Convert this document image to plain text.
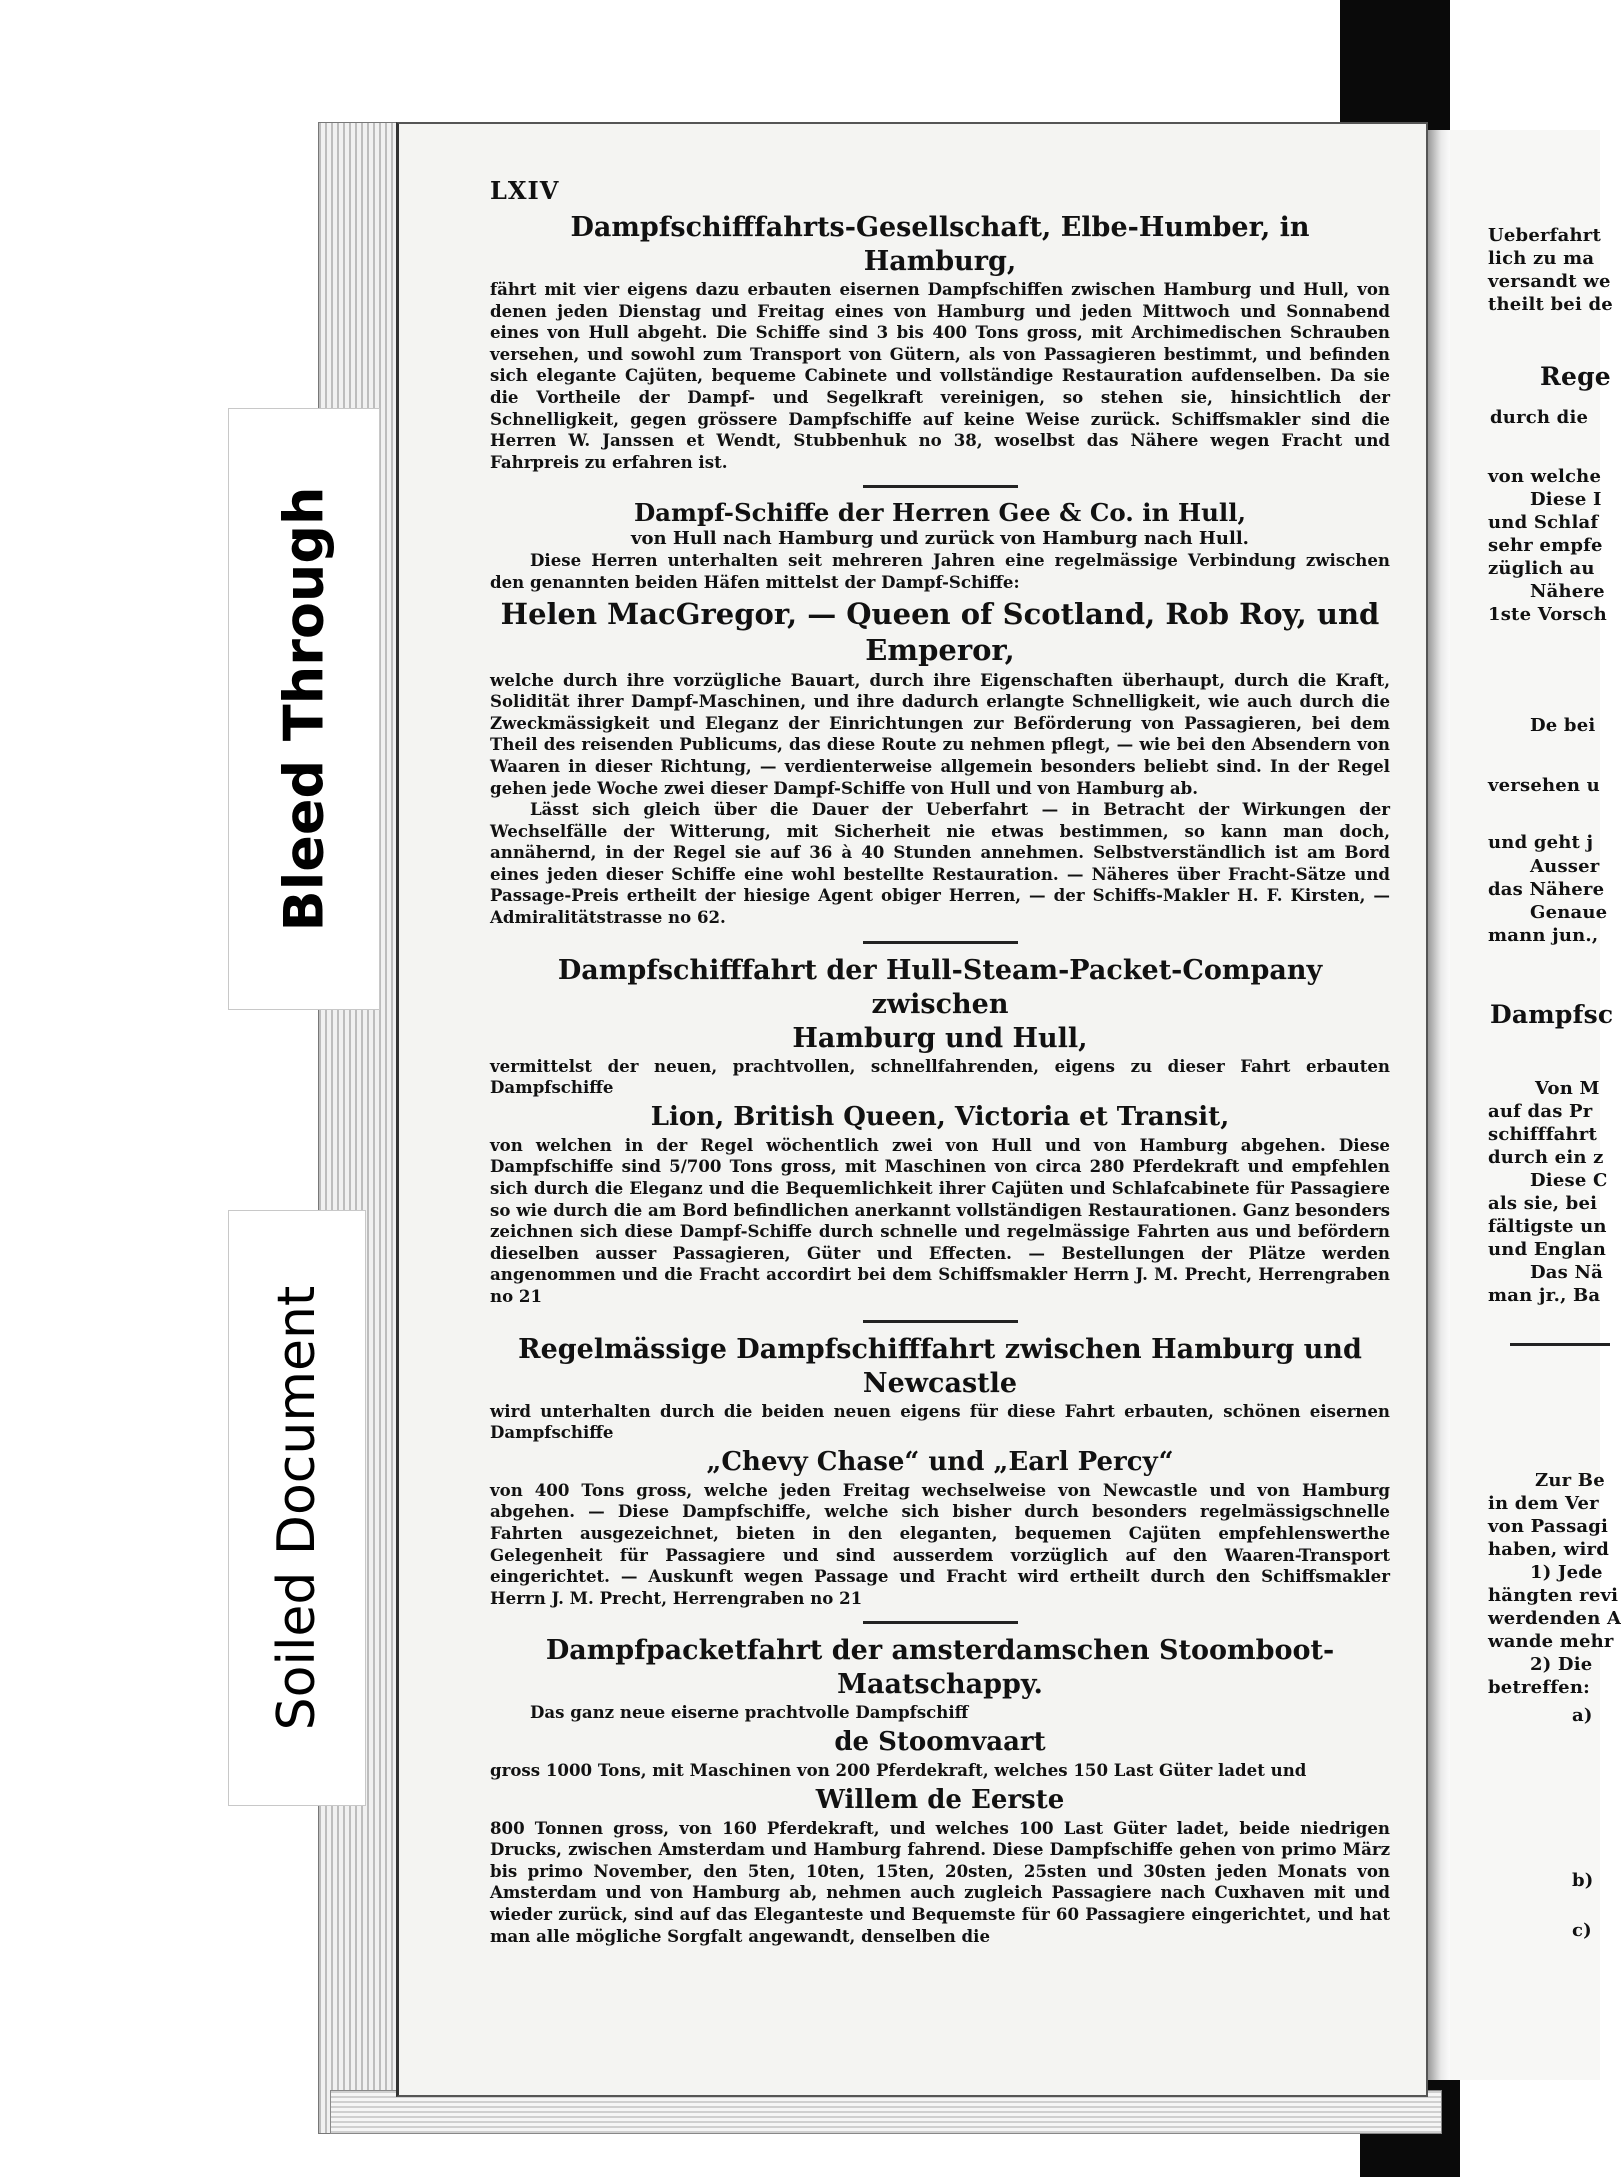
Ueberfahrt
lich zu ma
versandt we
theilt bei de
Rege
durch die
von welche
Diese I
und Schlaf
sehr empfe
züglich au
Nähere
1ste Vorsch
De bei
versehen u
und geht j
Ausser
das Nähere
Genaue
mann jun.,
Dampfsc
Von M
auf das Pr
schifffahrt
durch ein z
Diese C
als sie, bei
fältigste un
und Englan
Das Nä
man jr., Ba
Zur Be
in dem Ver
von Passagi
haben, wird
1) Jede
hängten revi
werdenden A
wande mehr
2) Die
betreffen:
a)
b)
c)
Bleed Through
Soiled Document

LXIV

Dampfschifffahrts-Gesellschaft, Elbe-Humber, in Hamburg,

fährt mit vier eigens dazu erbauten eisernen Dampfschiffen zwischen Hamburg und Hull, von denen jeden Dienstag und Freitag eines von Hamburg und jeden Mittwoch und Sonnabend eines von Hull abgeht. Die Schiffe sind 3 bis 400 Tons gross, mit Archimedischen Schrauben versehen, und sowohl zum Transport von Gütern, als von Passagieren bestimmt, und befinden sich elegante Cajüten, bequeme Cabinete und vollständige Restauration aufdenselben. Da sie die Vortheile der Dampf- und Segelkraft vereinigen, so stehen sie, hinsichtlich der Schnelligkeit, gegen grössere Dampfschiffe auf keine Weise zurück. Schiffsmakler sind die Herren W. Janssen et Wendt, Stubbenhuk no 38, woselbst das Nähere wegen Fracht und Fahrpreis zu erfahren ist.

Dampf-Schiffe der Herren Gee & Co. in Hull,

von Hull nach Hamburg und zurück von Hamburg nach Hull.

Diese Herren unterhalten seit mehreren Jahren eine regelmässige Verbindung zwischen den genannten beiden Häfen mittelst der Dampf-Schiffe:

Helen MacGregor, — Queen of Scotland, Rob Roy, und Emperor,

welche durch ihre vorzügliche Bauart, durch ihre Eigenschaften überhaupt, durch die Kraft, Solidität ihrer Dampf-Maschinen, und ihre dadurch erlangte Schnelligkeit, wie auch durch die Zweckmässigkeit und Eleganz der Einrichtungen zur Beförderung von Passagieren, bei dem Theil des reisenden Publicums, das diese Route zu nehmen pflegt, — wie bei den Absendern von Waaren in dieser Richtung, — verdienterweise allgemein besonders beliebt sind. In der Regel gehen jede Woche zwei dieser Dampf-Schiffe von Hull und von Hamburg ab.

Lässt sich gleich über die Dauer der Ueberfahrt — in Betracht der Wirkungen der Wechselfälle der Witterung, mit Sicherheit nie etwas bestimmen, so kann man doch, annähernd, in der Regel sie auf 36 à 40 Stunden annehmen. Selbstverständlich ist am Bord eines jeden dieser Schiffe eine wohl bestellte Restauration. — Näheres über Fracht-Sätze und Passage-Preis ertheilt der hiesige Agent obiger Herren, — der Schiffs-Makler H. F. Kirsten, — Admiralitätstrasse no 62.

Dampfschifffahrt der Hull-Steam-Packet-Company zwischen

Hamburg und Hull,

vermittelst der neuen, prachtvollen, schnellfahrenden, eigens zu dieser Fahrt erbauten Dampfschiffe

Lion, British Queen, Victoria et Transit,

von welchen in der Regel wöchentlich zwei von Hull und von Hamburg abgehen. Diese Dampfschiffe sind 5/700 Tons gross, mit Maschinen von circa 280 Pferdekraft und empfehlen sich durch die Eleganz und die Bequemlichkeit ihrer Cajüten und Schlafcabinete für Passagiere so wie durch die am Bord befindlichen anerkannt vollständigen Restaurationen. Ganz besonders zeichnen sich diese Dampf-Schiffe durch schnelle und regelmässige Fahrten aus und befördern dieselben ausser Passagieren, Güter und Effecten. — Bestellungen der Plätze werden angenommen und die Fracht accordirt bei dem Schiffsmakler Herrn J. M. Precht, Herrengraben no 21

Regelmässige Dampfschifffahrt zwischen Hamburg und Newcastle

wird unterhalten durch die beiden neuen eigens für diese Fahrt erbauten, schönen eisernen Dampfschiffe

„Chevy Chase“ und „Earl Percy“

von 400 Tons gross, welche jeden Freitag wechselweise von Newcastle und von Hamburg abgehen. — Diese Dampfschiffe, welche sich bisher durch besonders regelmässigschnelle Fahrten ausgezeichnet, bieten in den eleganten, bequemen Cajüten empfehlenswerthe Gelegenheit für Passagiere und sind ausserdem vorzüglich auf den Waaren-Transport eingerichtet. — Auskunft wegen Passage und Fracht wird ertheilt durch den Schiffsmakler Herrn J. M. Precht, Herrengraben no 21

Dampfpacketfahrt der amsterdamschen Stoomboot-Maatschappy.

Das ganz neue eiserne prachtvolle Dampfschiff

de Stoomvaart

gross 1000 Tons, mit Maschinen von 200 Pferdekraft, welches 150 Last Güter ladet und

Willem de Eerste

800 Tonnen gross, von 160 Pferdekraft, und welches 100 Last Güter ladet, beide niedrigen Drucks, zwischen Amsterdam und Hamburg fahrend. Diese Dampfschiffe gehen von primo März bis primo November, den 5ten, 10ten, 15ten, 20sten, 25sten und 30sten jeden Monats von Amsterdam und von Hamburg ab, nehmen auch zugleich Passagiere nach Cuxhaven mit und wieder zurück, sind auf das Eleganteste und Bequemste für 60 Passagiere eingerichtet, und hat man alle mögliche Sorgfalt angewandt, denselben die
